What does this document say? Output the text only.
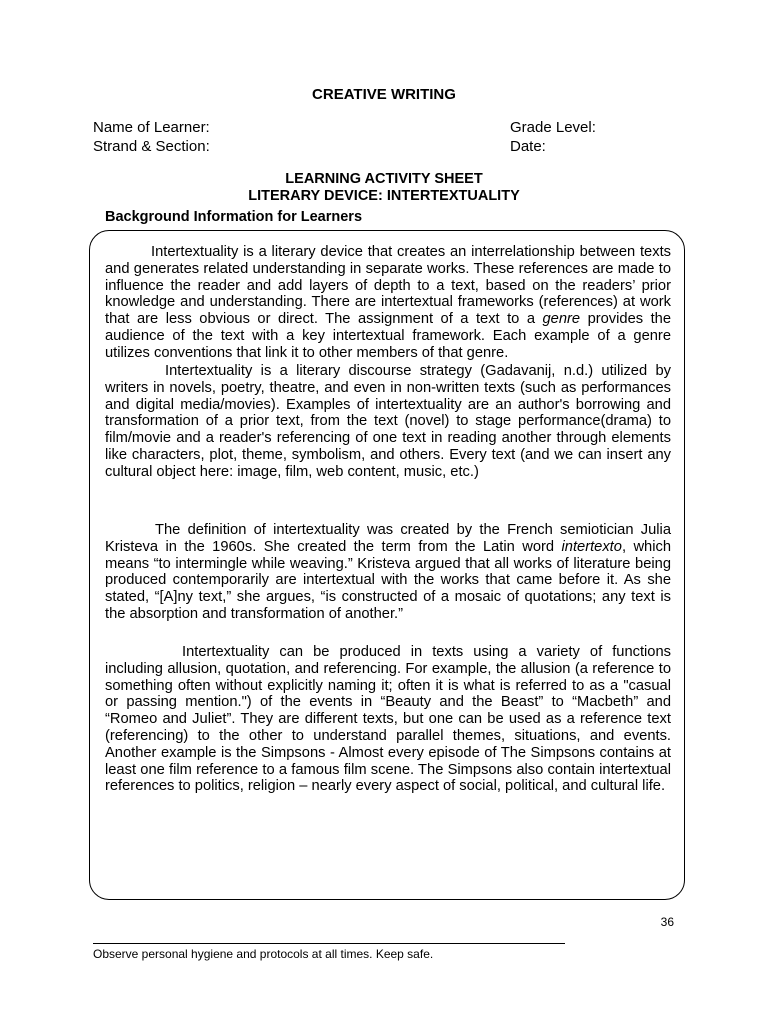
CREATIVE WRITING
Name of Learner:	Grade Level:
Strand & Section:	Date:
LEARNING ACTIVITY SHEET
LITERARY DEVICE: INTERTEXTUALITY
Background Information for Learners

Intertextuality is a literary device that creates an interrelationship between texts and generates related understanding in separate works. These references are made to influence the reader and add layers of depth to a text, based on the readers’ prior knowledge and understanding. There are intertextual frameworks (references) at work that are less obvious or direct. The assignment of a text to a genre provides the audience of the text with a key intertextual framework. Each example of a genre utilizes conventions that link it to other members of that genre.

Intertextuality is a literary discourse strategy (Gadavanij, n.d.) utilized by writers in novels, poetry, theatre, and even in non-written texts (such as performances and digital media/movies). Examples of intertextuality are an author's borrowing and transformation of a prior text, from the text (novel) to stage performance(drama) to film/movie and a reader's referencing of one text in reading another through elements like characters, plot, theme, symbolism, and others. Every text (and we can insert any cultural object here: image, film, web content, music, etc.)

The definition of intertextuality was created by the French semiotician Julia Kristeva in the 1960s. She created the term from the Latin word intertexto, which means “to intermingle while weaving.” Kristeva argued that all works of literature being produced contemporarily are intertextual with the works that came before it. As she stated, “[A]ny text,” she argues, “is constructed of a mosaic of quotations; any text is the absorption and transformation of another.”

Intertextuality can be produced in texts using a variety of functions including allusion, quotation, and referencing. For example, the allusion (a reference to something often without explicitly naming it; often it is what is referred to as a "casual or passing mention.") of the events in “Beauty and the Beast” to “Macbeth” and “Romeo and Juliet”. They are different texts, but one can be used as a reference text (referencing) to the other to understand parallel themes, situations, and events. Another example is the Simpsons - Almost every episode of The Simpsons contains at least one film reference to a famous film scene. The Simpsons also contain intertextual references to politics, religion – nearly every aspect of social, political, and cultural life.

36
Observe personal hygiene and protocols at all times. Keep safe.
